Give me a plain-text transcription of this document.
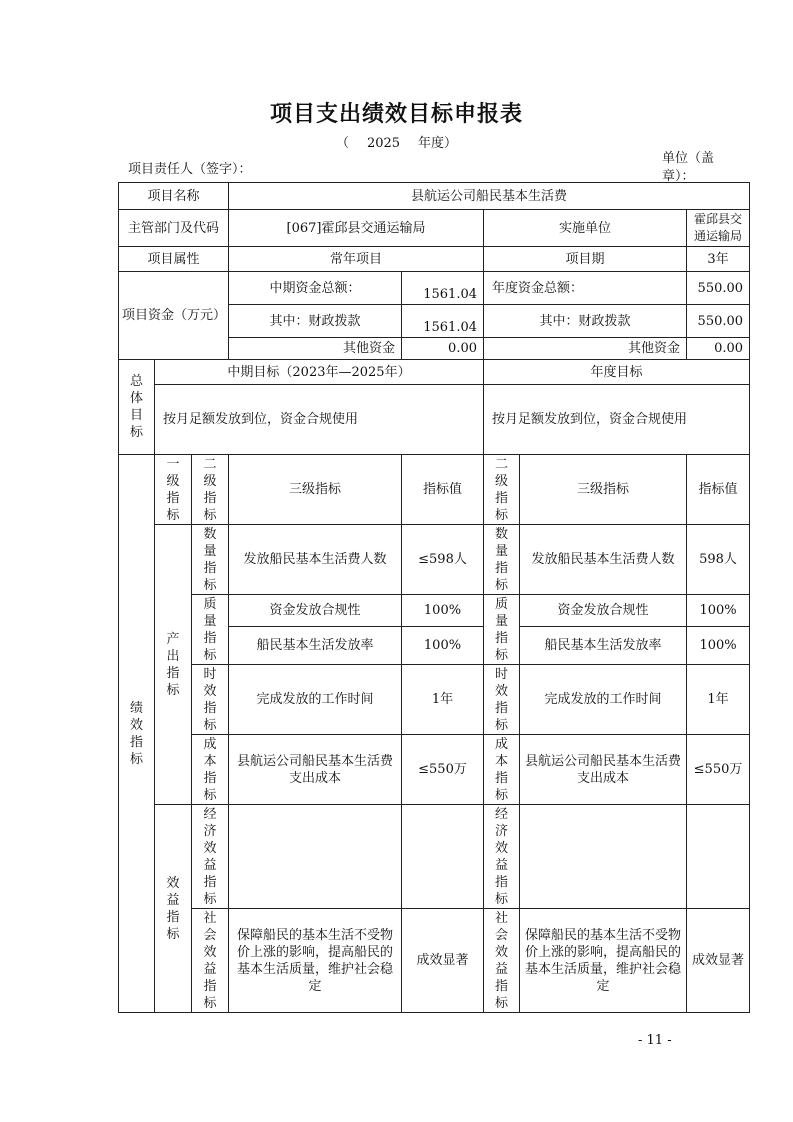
项目支出绩效目标申报表
（ 2025 年度）
项目责任人（签字）：
单位（盖章）：
项目名称			县航运公司船民基本生活费				
主管部门及代码			[067]霍邱县交通运输局		实施单位		霍邱县交通运输局
项目属性			常年项目		项目期		3年
项目资金（万元）			中期资金总额：	1561.04	年度资金总额：		550.00
			其中：财政拨款	1561.04	其中：财政拨款		550.00
			其他资金	0.00	其他资金		0.00
总体目标	中期目标（2023年—2025年）				年度目标		
	按月足额发放到位，资金合规使用				按月足额发放到位，资金合规使用		
绩效指标	一级指标	二级指标	三级指标	指标值	二级指标	三级指标	指标值
	产出指标	数量指标	发放船民基本生活费人数	≤598人	数量指标	发放船民基本生活费人数	598人
		质量指标	资金发放合规性	100%	质量指标	资金发放合规性	100%
			船民基本生活发放率	100%		船民基本生活发放率	100%
		时效指标	完成发放的工作时间	1年	时效指标	完成发放的工作时间	1年
		成本指标	县航运公司船民基本生活费支出成本	≤550万	成本指标	县航运公司船民基本生活费支出成本	≤550万
	效益指标	经济效益指标			经济效益指标		
		社会效益指标	保障船民的基本生活不受物价上涨的影响，提高船民的基本生活质量，维护社会稳定	成效显著	社会效益指标	保障船民的基本生活不受物价上涨的影响，提高船民的基本生活质量，维护社会稳定	成效显著
- 11 -
